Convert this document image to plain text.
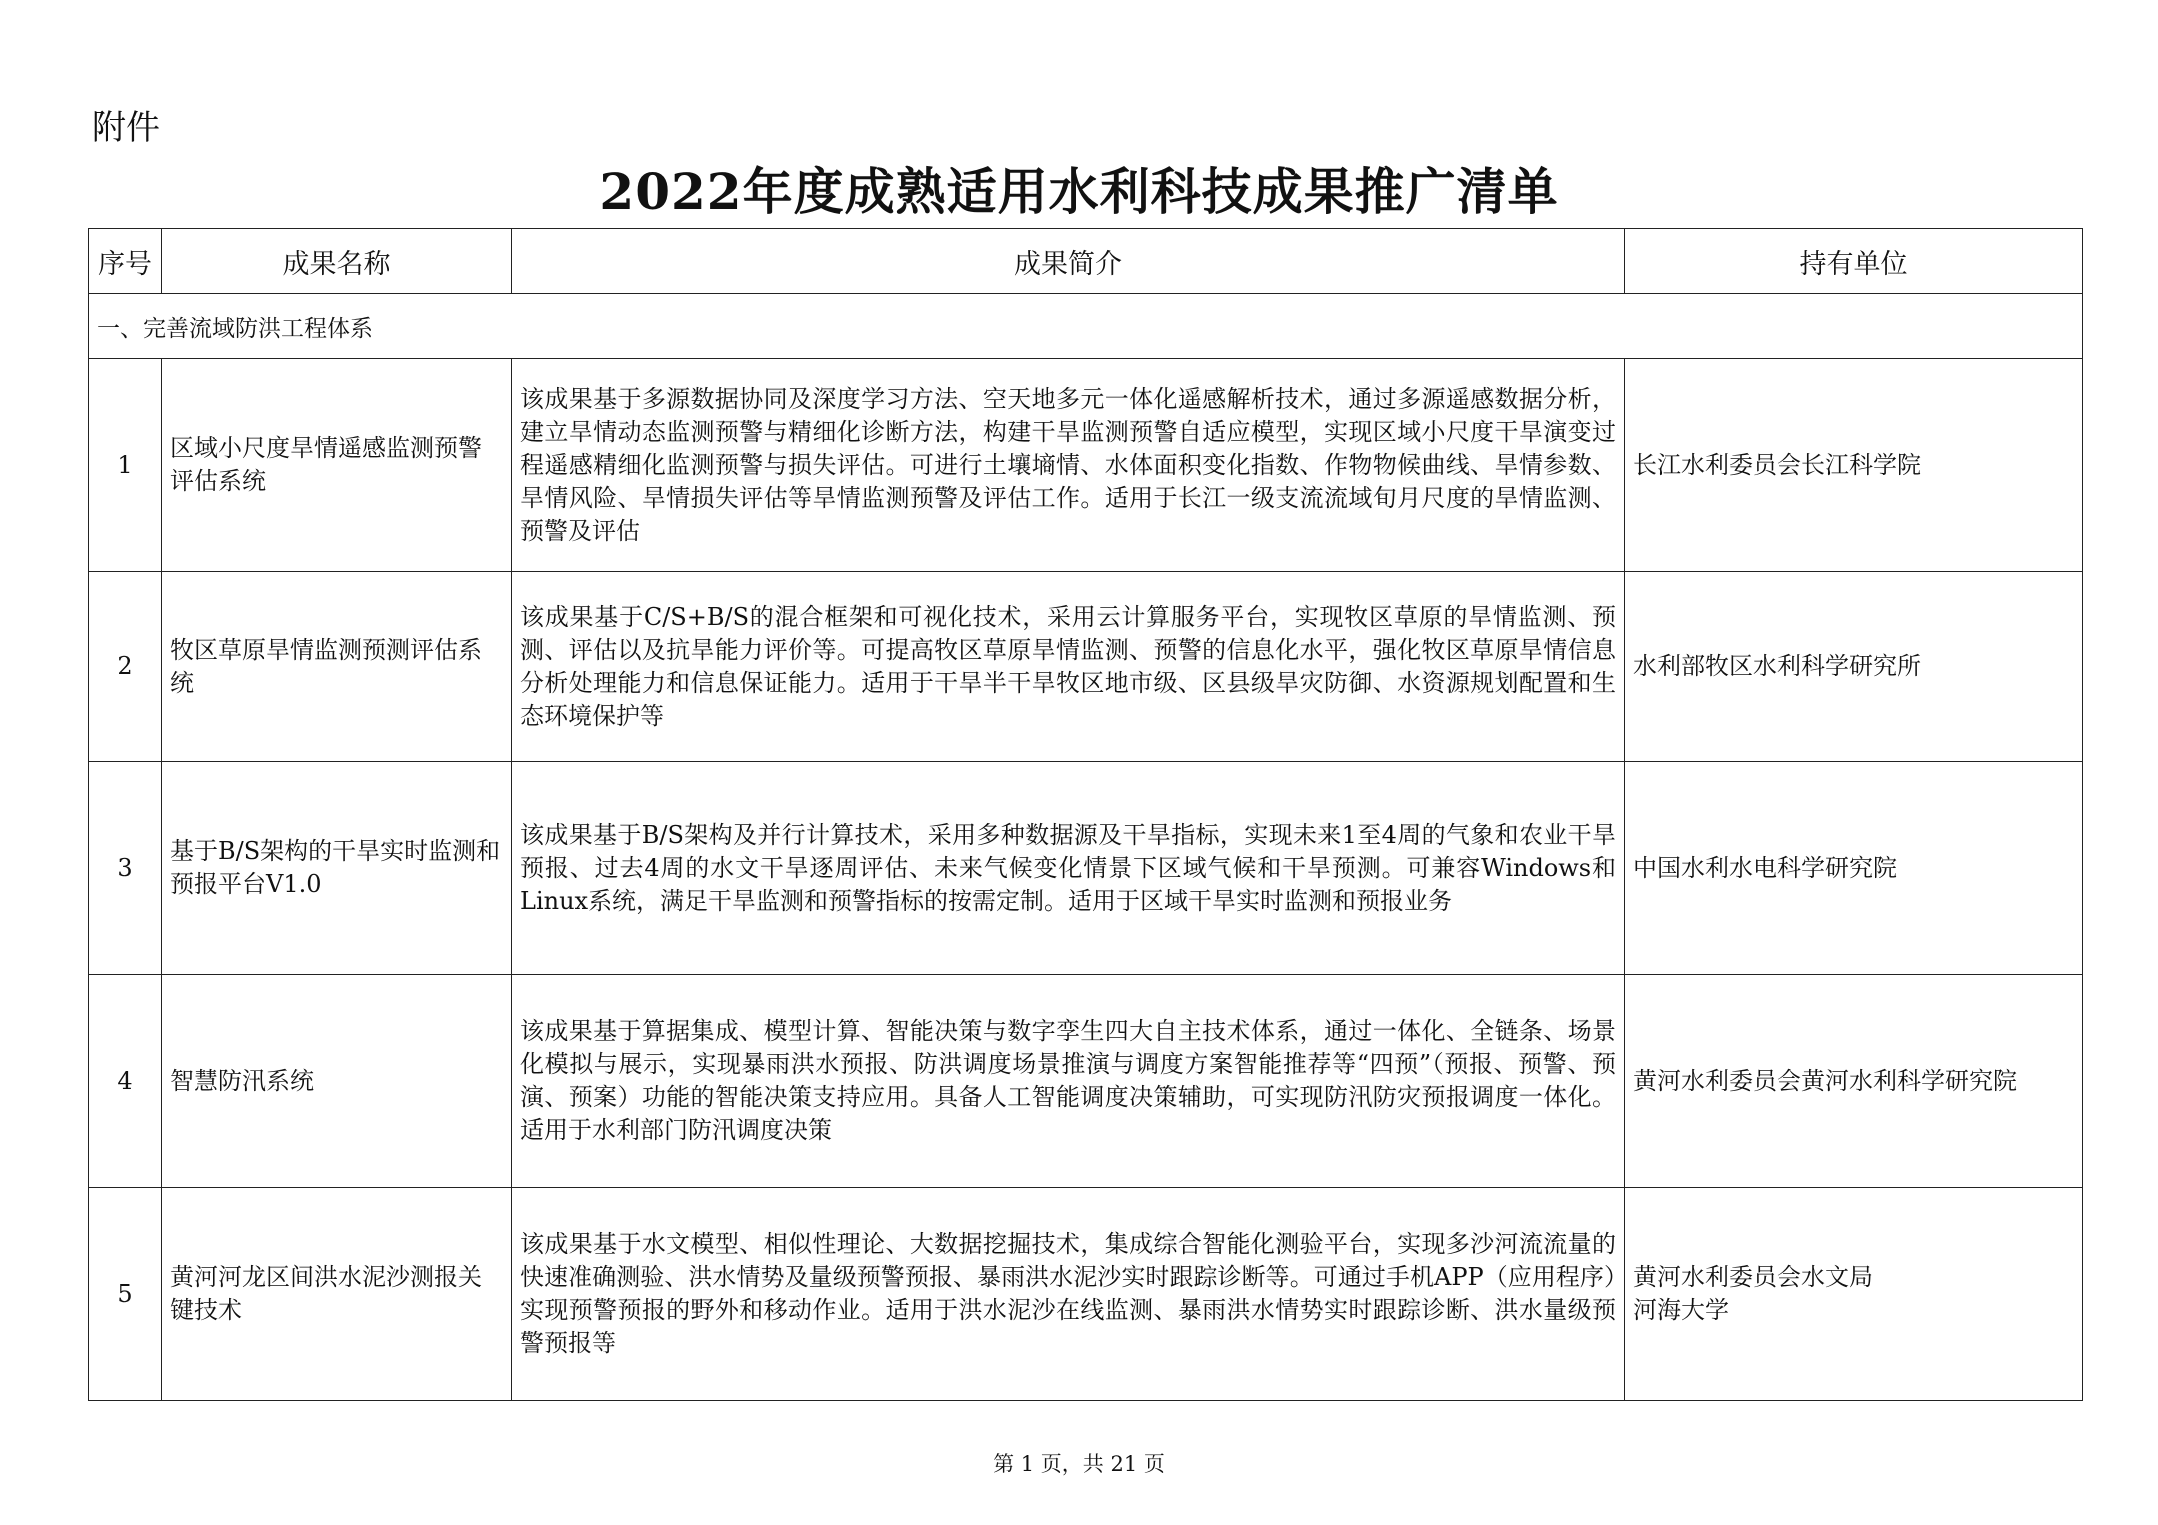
附件
2022年度成熟适用水利科技成果推广清单
序号	成果名称	成果简介	持有单位
一、完善流域防洪工程体系			
1	区域小尺度旱情遥感监测预警评估系统	该成果基于多源数据协同及深度学习方法、空天地多元一体化遥感解析技术，通过多源遥感数据分析，建立旱情动态监测预警与精细化诊断方法，构建干旱监测预警自适应模型，实现区域小尺度干旱演变过程遥感精细化监测预警与损失评估。可进行土壤墒情、水体面积变化指数、作物物候曲线、旱情参数、旱情风险、旱情损失评估等旱情监测预警及评估工作。适用于长江一级支流流域旬月尺度的旱情监测、预警及评估	长江水利委员会长江科学院
2	牧区草原旱情监测预测评估系统	该成果基于C/S+B/S的混合框架和可视化技术，采用云计算服务平台，实现牧区草原的旱情监测、预测、评估以及抗旱能力评价等。可提高牧区草原旱情监测、预警的信息化水平，强化牧区草原旱情信息分析处理能力和信息保证能力。适用于干旱半干旱牧区地市级、区县级旱灾防御、水资源规划配置和生态环境保护等	水利部牧区水利科学研究所
3	基于B/S架构的干旱实时监测和预报平台V1.0	该成果基于B/S架构及并行计算技术，采用多种数据源及干旱指标，实现未来1至4周的气象和农业干旱预报、过去4周的水文干旱逐周评估、未来气候变化情景下区域气候和干旱预测。可兼容Windows和Linux系统，满足干旱监测和预警指标的按需定制。适用于区域干旱实时监测和预报业务	中国水利水电科学研究院
4	智慧防汛系统	该成果基于算据集成、模型计算、智能决策与数字孪生四大自主技术体系，通过一体化、全链条、场景化模拟与展示，实现暴雨洪水预报、防洪调度场景推演与调度方案智能推荐等“四预”（预报、预警、预演、预案）功能的智能决策支持应用。具备人工智能调度决策辅助，可实现防汛防灾预报调度一体化。适用于水利部门防汛调度决策	黄河水利委员会黄河水利科学研究院
5	黄河河龙区间洪水泥沙测报关键技术	该成果基于水文模型、相似性理论、大数据挖掘技术，集成综合智能化测验平台，实现多沙河流流量的快速准确测验、洪水情势及量级预警预报、暴雨洪水泥沙实时跟踪诊断等。可通过手机APP（应用程序）实现预警预报的野外和移动作业。适用于洪水泥沙在线监测、暴雨洪水情势实时跟踪诊断、洪水量级预警预报等	黄河水利委员会水文局
河海大学
第 1 页，共 21 页
